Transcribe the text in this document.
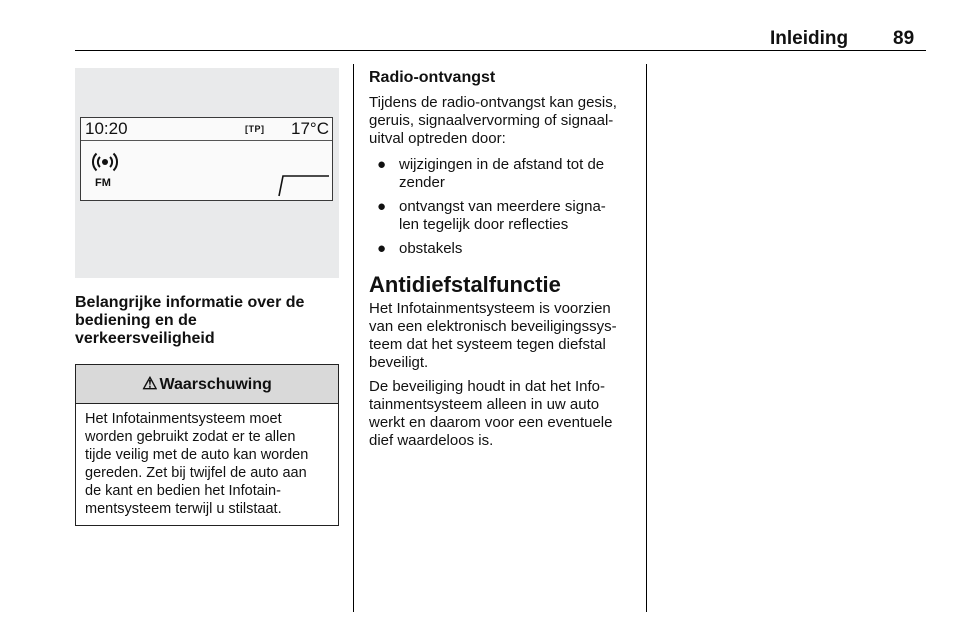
Inleiding 89
10:20	[TP] 17°C
FM
Belangrijke informatie over de
bediening en de
verkeersveiligheid
⚠ Waarschuwing
Het Infotainmentsysteem moet
worden gebruikt zodat er te allen
tijde veilig met de auto kan worden
gereden. Zet bij twijfel de auto aan
de kant en bedien het Infotain-
mentsysteem terwijl u stilstaat.
Radio-ontvangst
Tijdens de radio-ontvangst kan gesis,
geruis, signaalvervorming of signaal-
uitval optreden door:
● wijzigingen in de afstand tot de
zender
● ontvangst van meerdere signa-
len tegelijk door reflecties
● obstakels
Antidiefstalfunctie
Het Infotainmentsysteem is voorzien
van een elektronisch beveiligingssys-
teem dat het systeem tegen diefstal
beveiligt.
De beveiliging houdt in dat het Info-
tainmentsysteem alleen in uw auto
werkt en daarom voor een eventuele
dief waardeloos is.
